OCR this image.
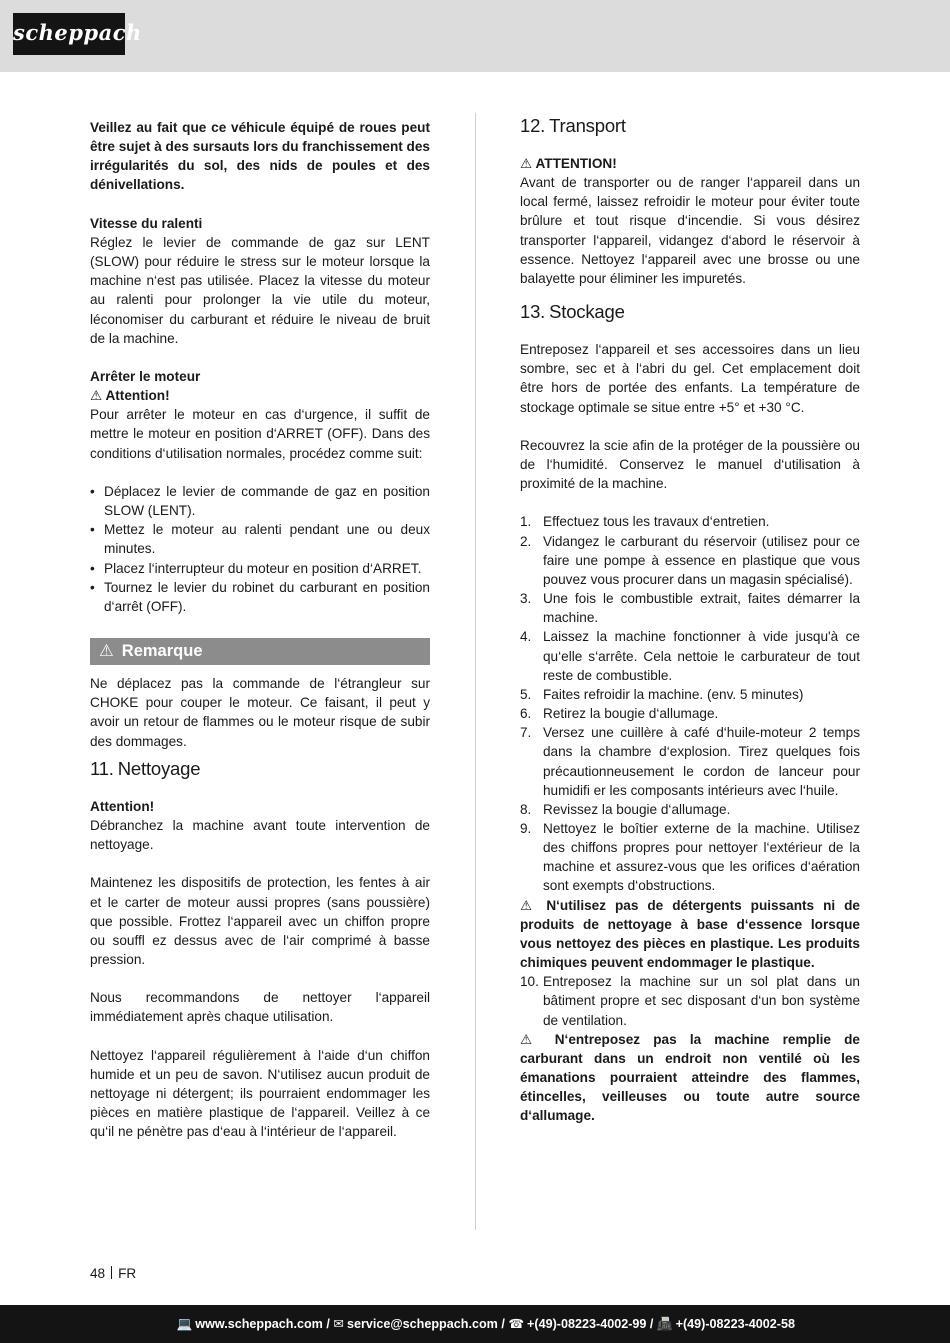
scheppach

Veillez au fait que ce véhicule équipé de roues peut être sujet à des sursauts lors du franchissement des irrégularités du sol, des nids de poules et des dénivellations.

Vitesse du ralenti

Réglez le levier de commande de gaz sur LENT (SLOW) pour réduire le stress sur le moteur lorsque la machine n‘est pas utilisée. Placez la vitesse du moteur au ralenti pour prolonger la vie utile du moteur, léconomiser du carburant et réduire le niveau de bruit de la machine.

Arrêter le moteur

⚠ Attention!

Pour arrêter le moteur en cas d‘urgence, il suffit de mettre le moteur en position d‘ARRET (OFF). Dans des conditions d‘utilisation normales, procédez comme suit:

• Déplacez le levier de commande de gaz en position SLOW (LENT).
• Mettez le moteur au ralenti pendant une ou deux minutes.
• Placez l‘interrupteur du moteur en position d‘ARRET.
• Tournez le levier du robinet du carburant en position d‘arrêt (OFF).
⚠ Remarque

Ne déplacez pas la commande de l‘étrangleur sur CHOKE pour couper le moteur. Ce faisant, il peut y avoir un retour de flammes ou le moteur risque de subir des dommages.

11. Nettoyage

Attention!

Débranchez la machine avant toute intervention de nettoyage.

Maintenez les dispositifs de protection, les fentes à air et le carter de moteur aussi propres (sans poussière) que possible. Frottez l‘appareil avec un chiffon propre ou souffl ez dessus avec de l‘air comprimé à basse pression.

Nous recommandons de nettoyer l‘appareil immédiatement après chaque utilisation.

Nettoyez l‘appareil régulièrement à l‘aide d‘un chiffon humide et un peu de savon. N‘utilisez aucun produit de nettoyage ni détergent; ils pourraient endommager les pièces en matière plastique de l‘appareil. Veillez à ce qu‘il ne pénètre pas d‘eau à l‘intérieur de l‘appareil.

12. Transport

⚠ ATTENTION!

Avant de transporter ou de ranger l‘appareil dans un local fermé, laissez refroidir le moteur pour éviter toute brûlure et tout risque d‘incendie. Si vous désirez transporter l‘appareil, vidangez d‘abord le réservoir à essence. Nettoyez l‘appareil avec une brosse ou une balayette pour éliminer les impuretés.

13. Stockage

Entreposez l‘appareil et ses accessoires dans un lieu sombre, sec et à l‘abri du gel. Cet emplacement doit être hors de portée des enfants. La température de stockage optimale se situe entre +5° et +30 °C.

Recouvrez la scie afin de la protéger de la poussière ou de l‘humidité. Conservez le manuel d‘utilisation à proximité de la machine.

1. Effectuez tous les travaux d‘entretien.
2. Vidangez le carburant du réservoir (utilisez pour ce faire une pompe à essence en plastique que vous pouvez vous procurer dans un magasin spécialisé).
3. Une fois le combustible extrait, faites démarrer la machine.
4. Laissez la machine fonctionner à vide jusqu'à ce qu‘elle s‘arrête. Cela nettoie le carburateur de tout reste de combustible.
5. Faites refroidir la machine. (env. 5 minutes)
6. Retirez la bougie d‘allumage.
7. Versez une cuillère à café d‘huile-moteur 2 temps dans la chambre d‘explosion. Tirez quelques fois précautionneusement le cordon de lanceur pour humidifi er les composants intérieurs avec l‘huile.
8. Revissez la bougie d‘allumage.
9. Nettoyez le boîtier externe de la machine. Utilisez des chiffons propres pour nettoyer l‘extérieur de la machine et assurez-vous que les orifices d‘aération sont exempts d‘obstructions.

⚠ N‘utilisez pas de détergents puissants ni de produits de nettoyage à base d‘essence lorsque vous nettoyez des pièces en plastique. Les produits chimiques peuvent endommager le plastique.

10. Entreposez la machine sur un sol plat dans un bâtiment propre et sec disposant d‘un bon système de ventilation.

⚠ N‘entreposez pas la machine remplie de carburant dans un endroit non ventilé où les émanations pourraient atteindre des flammes, étincelles, veilleuses ou toute autre source d‘allumage.

48 FR
💻 www.scheppach.com / ✉ service@scheppach.com / ☎ +(49)-08223-4002-99 / 📠 +(49)-08223-4002-58
